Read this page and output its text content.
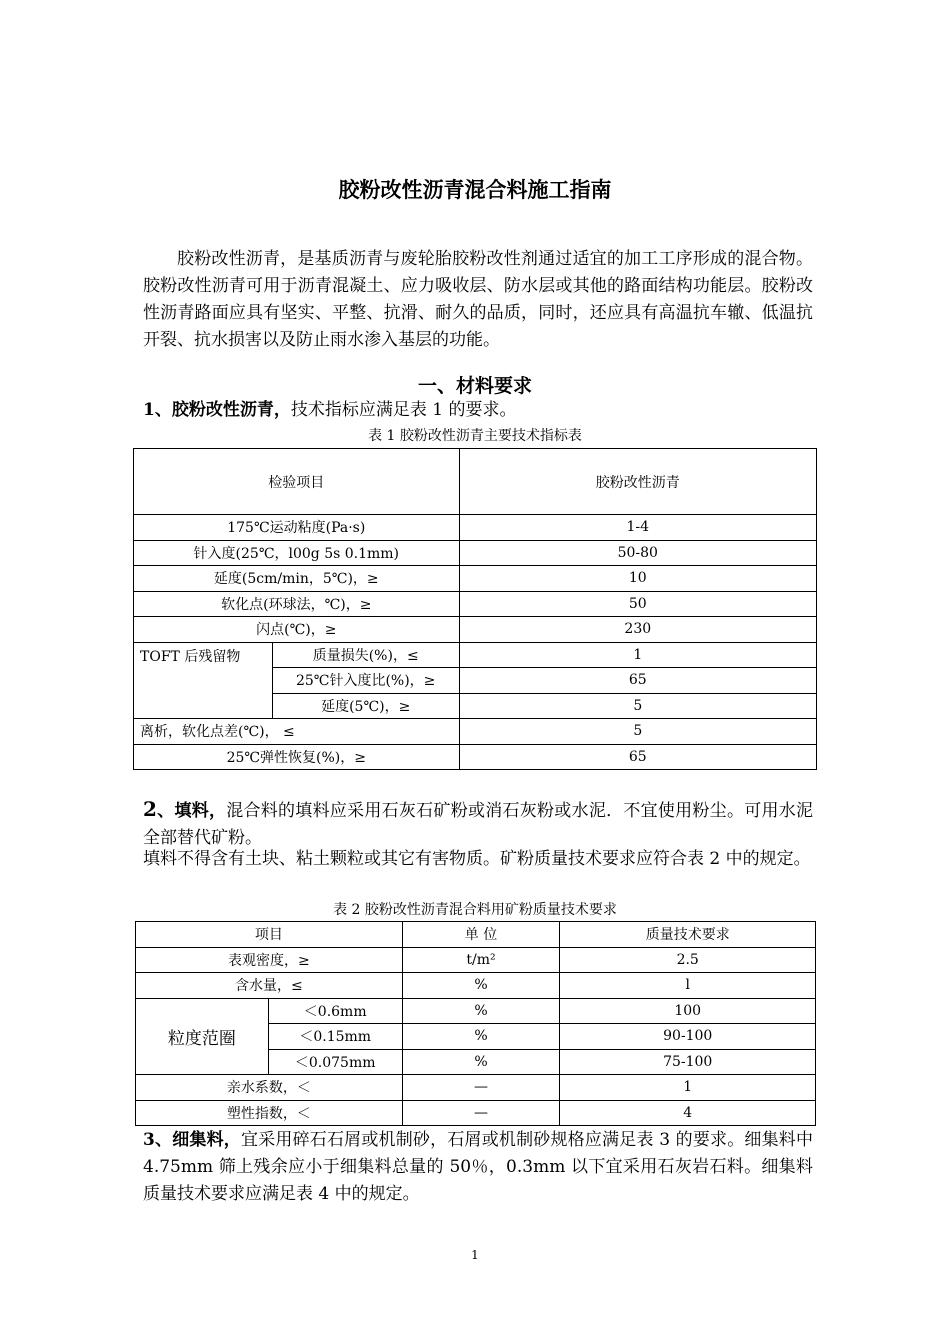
胶粉改性沥青混合料施工指南
胶粉改性沥青，是基质沥青与废轮胎胶粉改性剂通过适宜的加工工序形成的混合物。胶粉改性沥青可用于沥青混凝土、应力吸收层、防水层或其他的路面结构功能层。胶粉改性沥青路面应具有坚实、平整、抗滑、耐久的品质，同时，还应具有高温抗车辙、低温抗开裂、抗水损害以及防止雨水渗入基层的功能。
一、材料要求
1、胶粉改性沥青，技术指标应满足表 1 的要求。
表 1 胶粉改性沥青主要技术指标表
检验项目		胶粉改性沥青
175℃运动粘度(Pa·s)		1-4
针入度(25℃，l00g 5s 0.1mm)		50-80
延度(5cm/min，5℃)，≥		10
软化点(环球法，℃)，≥		50
闪点(℃)，≥		230
TOFT 后残留物	质量损失(%)，≤	1
	25℃针入度比(%)，≥	65
	延度(5℃)，≥	5
离析，软化点差(℃)， ≤		5
25℃弹性恢复(%)，≥		65
2、填料，混合料的填料应采用石灰石矿粉或消石灰粉或水泥．不宜使用粉尘。可用水泥全部替代矿粉。
填料不得含有土块、粘土颗粒或其它有害物质。矿粉质量技术要求应符合表 2 中的规定。
表 2 胶粉改性沥青混合料用矿粉质量技术要求
项目		单 位	质量技术要求
表观密度，≥		t/m²	2.5
含水量，≤		%	l
粒度范圈	＜0.6mm	%	100
	＜0.15mm	%	90-100
	＜0.075mm	%	75-100
亲水系数，＜		—	1
塑性指数，＜		—	4
3、细集料，宜采用碎石石屑或机制砂，石屑或机制砂规格应满足表 3 的要求。细集料中 4.75mm 筛上残余应小于细集料总量的 50％，0.3mm 以下宜采用石灰岩石料。细集料质量技术要求应满足表 4 中的规定。
1
